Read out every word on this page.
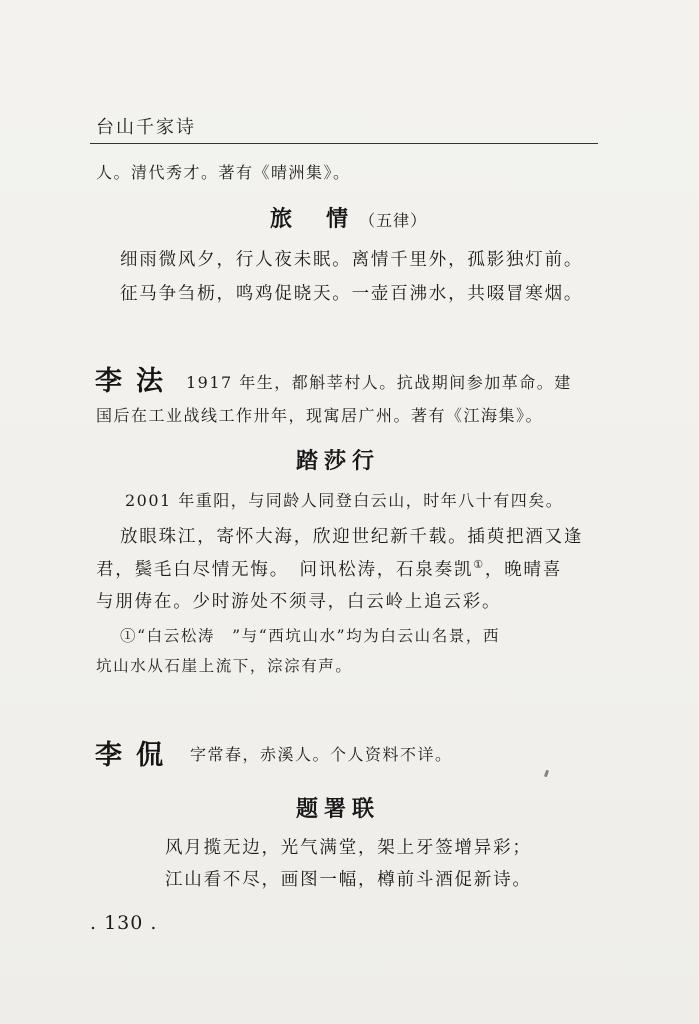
台山千家诗
人。清代秀才。著有《晴洲集》。
旅　情 （五律）
细雨微风夕，行人夜未眠。离情千里外，孤影独灯前。
征马争刍枥，鸣鸡促晓天。一壶百沸水，共啜冒寒烟。
李法 1917 年生，都斛莘村人。抗战期间参加革命。建
国后在工业战线工作卅年，现寓居广州。著有《江海集》。
踏莎行
2001 年重阳，与同龄人同登白云山，时年八十有四矣。
放眼珠江，寄怀大海，欣迎世纪新千载。插萸把酒又逢
君，鬓毛白尽情无悔。　问讯松涛，石泉奏凯①，晚晴喜
与朋俦在。少时游处不须寻，白云岭上追云彩。
①“白云松涛　”与“西坑山水”均为白云山名景，西
坑山水从石崖上流下，淙淙有声。
李侃 字常春，赤溪人。个人资料不详。
题署联
风月揽无边，光气满堂，架上牙签增异彩；
江山看不尽，画图一幅，樽前斗酒促新诗。
. 130 .
